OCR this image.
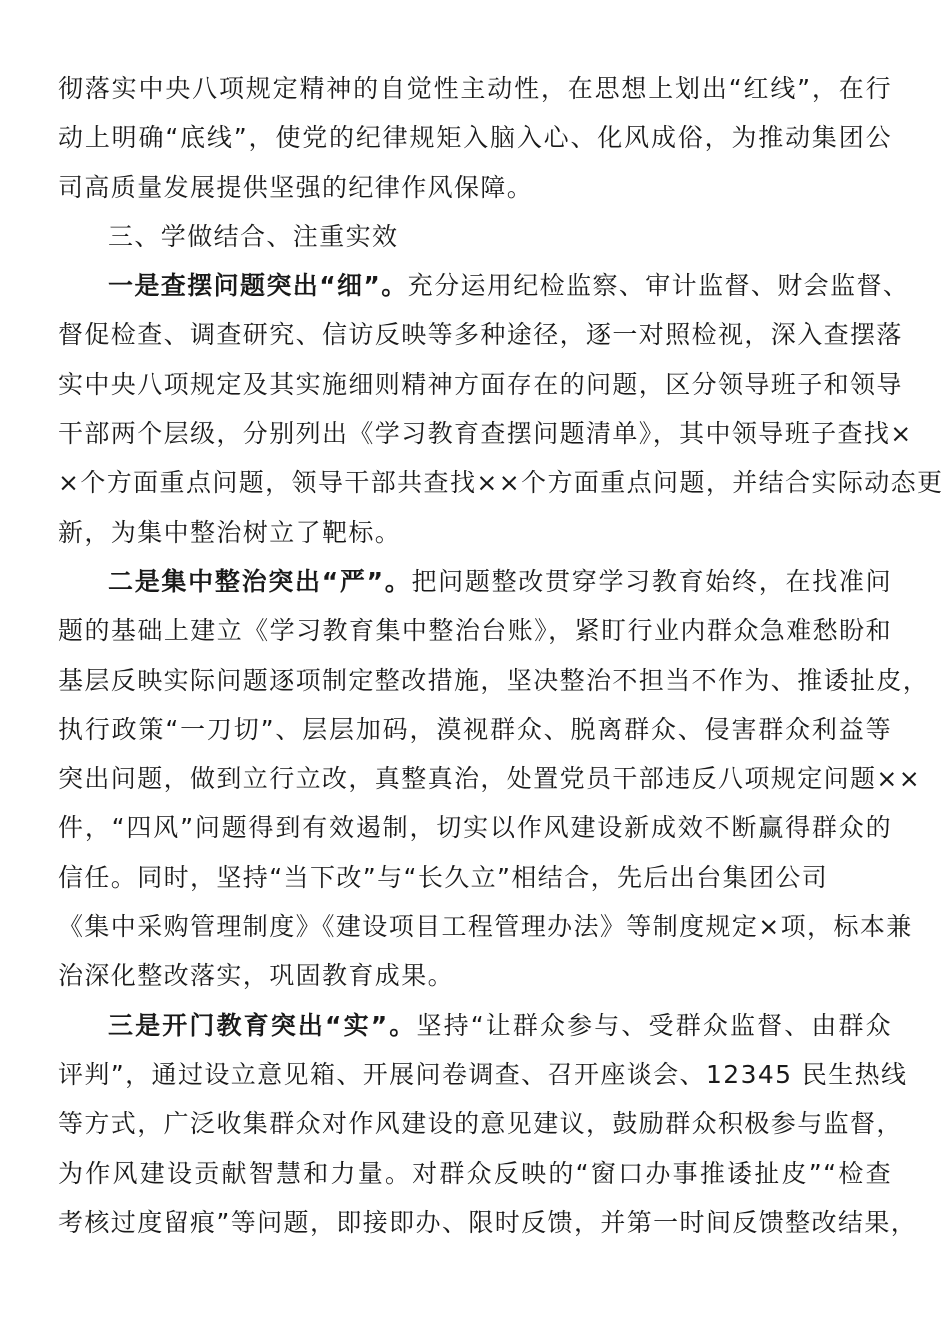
彻落实中央八项规定精神的自觉性主动性，在思想上划出“红线”，在行
动上明确“底线”，使党的纪律规矩入脑入心、化风成俗，为推动集团公
司高质量发展提供坚强的纪律作风保障。
三、学做结合、注重实效
一是查摆问题突出“细”。充分运用纪检监察、审计监督、财会监督、
督促检查、调查研究、信访反映等多种途径，逐一对照检视，深入查摆落
实中央八项规定及其实施细则精神方面存在的问题，区分领导班子和领导
干部两个层级，分别列出《学习教育查摆问题清单》，其中领导班子查找×
×个方面重点问题，领导干部共查找××个方面重点问题，并结合实际动态更
新，为集中整治树立了靶标。
二是集中整治突出“严”。把问题整改贯穿学习教育始终，在找准问
题的基础上建立《学习教育集中整治台账》，紧盯行业内群众急难愁盼和
基层反映实际问题逐项制定整改措施，坚决整治不担当不作为、推诿扯皮，
执行政策“一刀切”、层层加码，漠视群众、脱离群众、侵害群众利益等
突出问题，做到立行立改，真整真治，处置党员干部违反八项规定问题××
件，“四风”问题得到有效遏制，切实以作风建设新成效不断赢得群众的
信任。同时，坚持“当下改”与“长久立”相结合，先后出台集团公司
《集中采购管理制度》《建设项目工程管理办法》等制度规定×项，标本兼
治深化整改落实，巩固教育成果。
三是开门教育突出“实”。坚持“让群众参与、受群众监督、由群众
评判”，通过设立意见箱、开展问卷调查、召开座谈会、12345 民生热线
等方式，广泛收集群众对作风建设的意见建议，鼓励群众积极参与监督，
为作风建设贡献智慧和力量。对群众反映的“窗口办事推诿扯皮”“检查
考核过度留痕”等问题，即接即办、限时反馈，并第一时间反馈整改结果，
